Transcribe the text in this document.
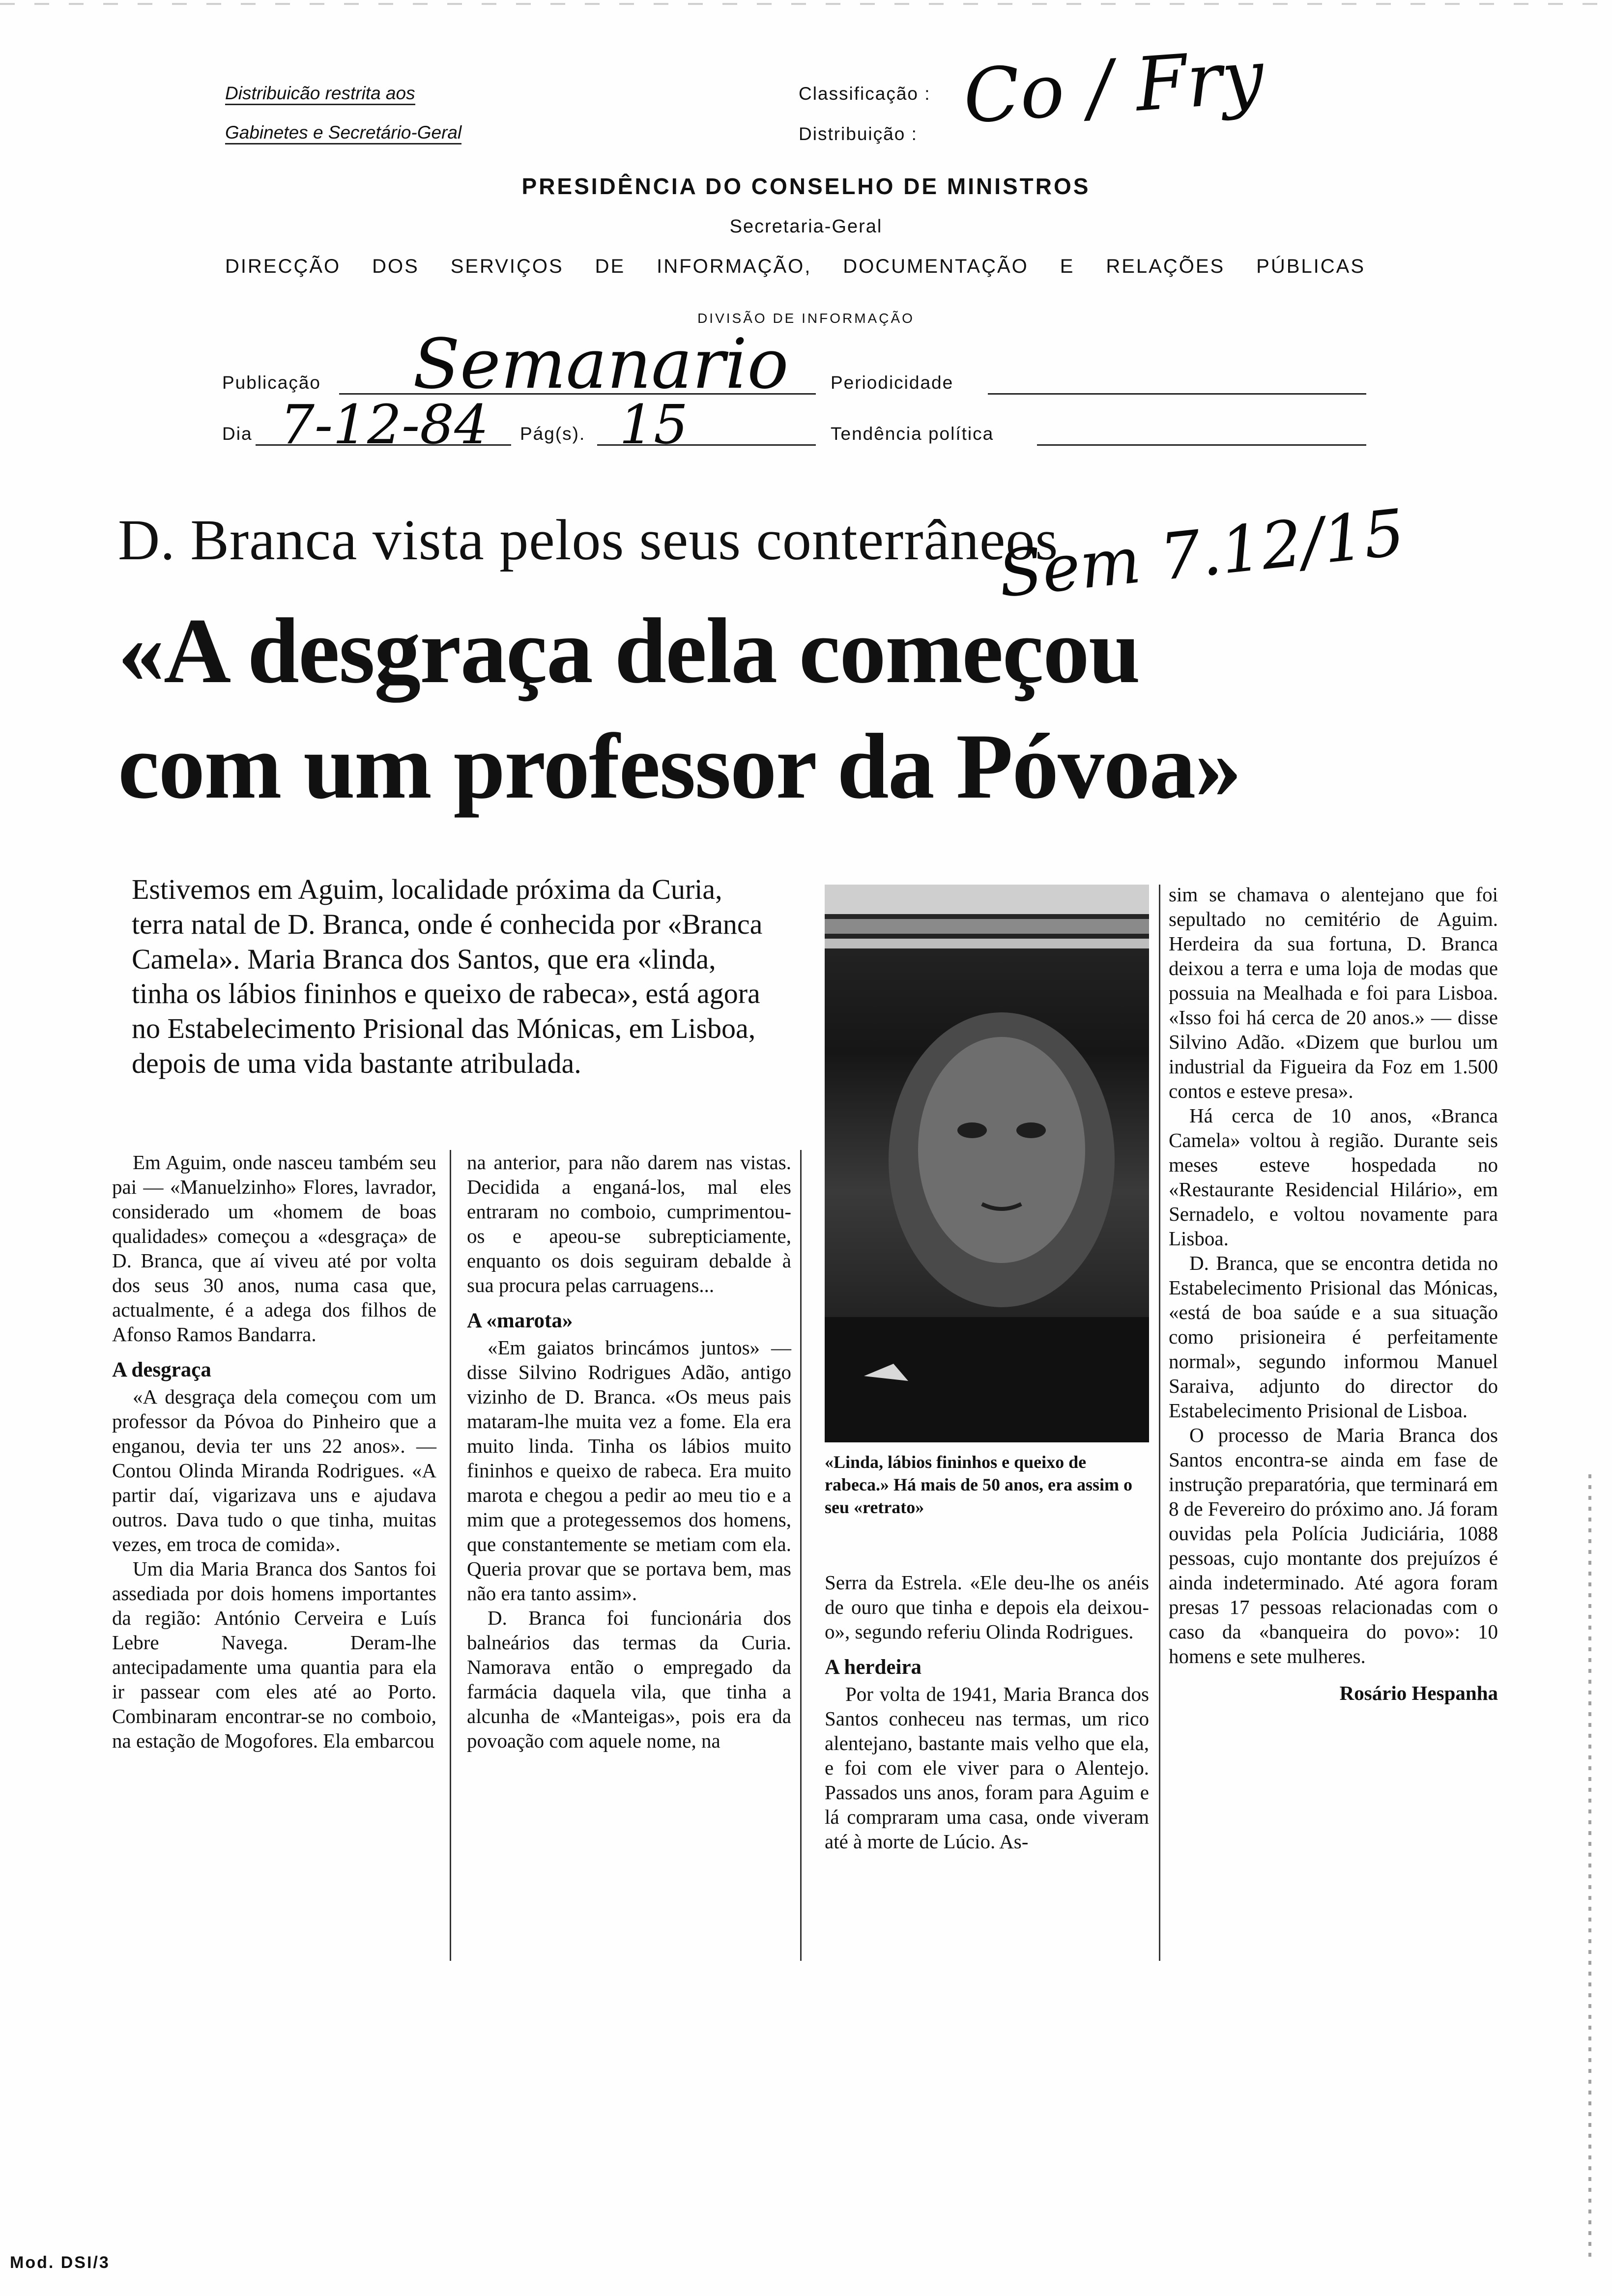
Distribuicão restrita aos
Gabinetes e Secretário-Geral
Classificação :
Distribuição : Co / Fry
PRESIDÊNCIA DO CONSELHO DE MINISTROS
Secretaria-Geral
DIRECÇÃO DOS SERVIÇOS DE INFORMAÇÃO, DOCUMENTAÇÃO E RELAÇÕES PÚBLICAS
DIVISÃO DE INFORMAÇÃO
Publicação Semanario Periodicidade
Dia 7-12-84 Pág(s). 15	Tendência política
D. Branca vista pelos seus conterrâneos
Sem 7.12/15
«A desgraça dela começou
com um professor da Póvoa»
Estivemos em Aguim, localidade próxima da Curia, terra natal de D. Branca, onde é conhecida por «Branca Camela». Maria Branca dos Santos, que era «linda, tinha os lábios fininhos e queixo de rabeca», está agora no Estabelecimento Prisional das Mónicas, em Lisboa, depois de uma vida bastante atribulada.

Em Aguim, onde nasceu também seu pai — «Manuelzinho» Flores, lavrador, considerado um «homem de boas qualidades» começou a «desgraça» de D. Branca, que aí viveu até por volta dos seus 30 anos, numa casa que, actualmente, é a adega dos filhos de Afonso Ramos Bandarra.

A desgraça

«A desgraça dela começou com um professor da Póvoa do Pinheiro que a enganou, devia ter uns 22 anos». — Contou Olinda Miranda Rodrigues. «A partir daí, vigarizava uns e ajudava outros. Dava tudo o que tinha, muitas vezes, em troca de comida».

Um dia Maria Branca dos Santos foi assediada por dois homens importantes da região: António Cerveira e Luís Lebre Navega. Deram-lhe antecipadamente uma quantia para ela ir passear com eles até ao Porto. Combinaram encontrar-se no comboio, na estação de Mogofores. Ela embarcou

na anterior, para não darem nas vistas. Decidida a enganá-los, mal eles entraram no comboio, cumprimentou-os e apeou-se subrepticiamente, enquanto os dois seguiram debalde à sua procura pelas carruagens...

A «marota»

«Em gaiatos brincámos juntos» — disse Silvino Rodrigues Adão, antigo vizinho de D. Branca. «Os meus pais mataram-lhe muita vez a fome. Ela era muito linda. Tinha os lábios muito fininhos e queixo de rabeca. Era muito marota e chegou a pedir ao meu tio e a mim que a protegessemos dos homens, que constantemente se metiam com ela. Queria provar que se portava bem, mas não era tanto assim».

D. Branca foi funcionária dos balneários das termas da Curia. Namorava então o empregado da farmácia daquela vila, que tinha a alcunha de «Manteigas», pois era da povoação com aquele nome, na

«Linda, lábios fininhos e queixo de rabeca.» Há mais de 50 anos, era assim o seu «retrato»

Serra da Estrela. «Ele deu-lhe os anéis de ouro que tinha e depois ela deixou-o», segundo referiu Olinda Rodrigues.

A herdeira

Por volta de 1941, Maria Branca dos Santos conheceu nas termas, um rico alentejano, bastante mais velho que ela, e foi com ele viver para o Alentejo. Passados uns anos, foram para Aguim e lá compraram uma casa, onde viveram até à morte de Lúcio. As-

sim se chamava o alentejano que foi sepultado no cemitério de Aguim. Herdeira da sua fortuna, D. Branca deixou a terra e uma loja de modas que possuia na Mealhada e foi para Lisboa. «Isso foi há cerca de 20 anos.» — disse Silvino Adão. «Dizem que burlou um industrial da Figueira da Foz em 1.500 contos e esteve presa».

Há cerca de 10 anos, «Branca Camela» voltou à região. Durante seis meses esteve hospedada no «Restaurante Residencial Hilário», em Sernadelo, e voltou novamente para Lisboa.

D. Branca, que se encontra detida no Estabelecimento Prisional das Mónicas, «está de boa saúde e a sua situação como prisioneira é perfeitamente normal», segundo informou Manuel Saraiva, adjunto do director do Estabelecimento Prisional de Lisboa.

O processo de Maria Branca dos Santos encontra-se ainda em fase de instrução preparatória, que terminará em 8 de Fevereiro do próximo ano. Já foram ouvidas pela Polícia Judiciária, 1088 pessoas, cujo montante dos prejuízos é ainda indeterminado. Até agora foram presas 17 pessoas relacionadas com o caso da «banqueira do povo»: 10 homens e sete mulheres.

Rosário Hespanha
Mod. DSI/3
